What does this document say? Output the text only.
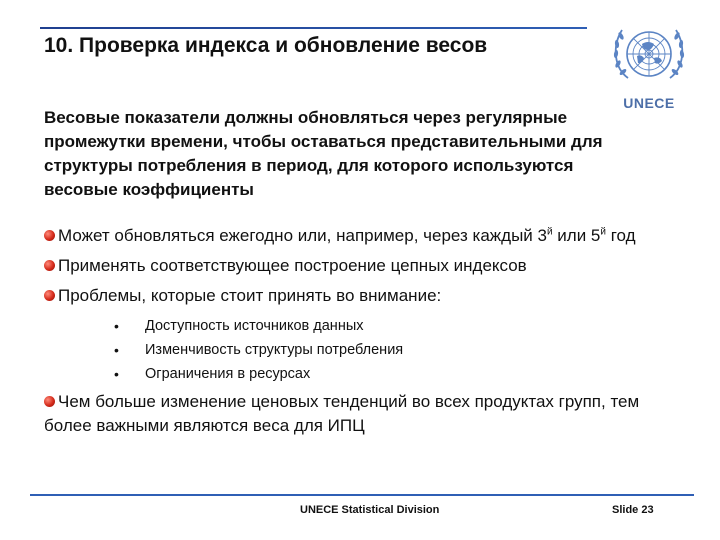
10. Проверка индекса и обновление весов
UNECE
Весовые показатели должны обновляться через регулярные промежутки времени, чтобы оставаться представительными для структуры потребления в период, для которого используются весовые коэффициенты

Может обновляться ежегодно или, например, через каждый $3^й$ или $5^й$ год

Применять соответствующее построение цепных индексов

Проблемы, которые стоит принять во внимание:

• Доступность источников данных
• Изменчивость структуры потребления
• Ограничения в ресурсах

Чем больше изменение ценовых тенденций во всех продуктах групп, тем более важными являются веса для ИПЦ

UNECE Statistical Division	Slide 23
